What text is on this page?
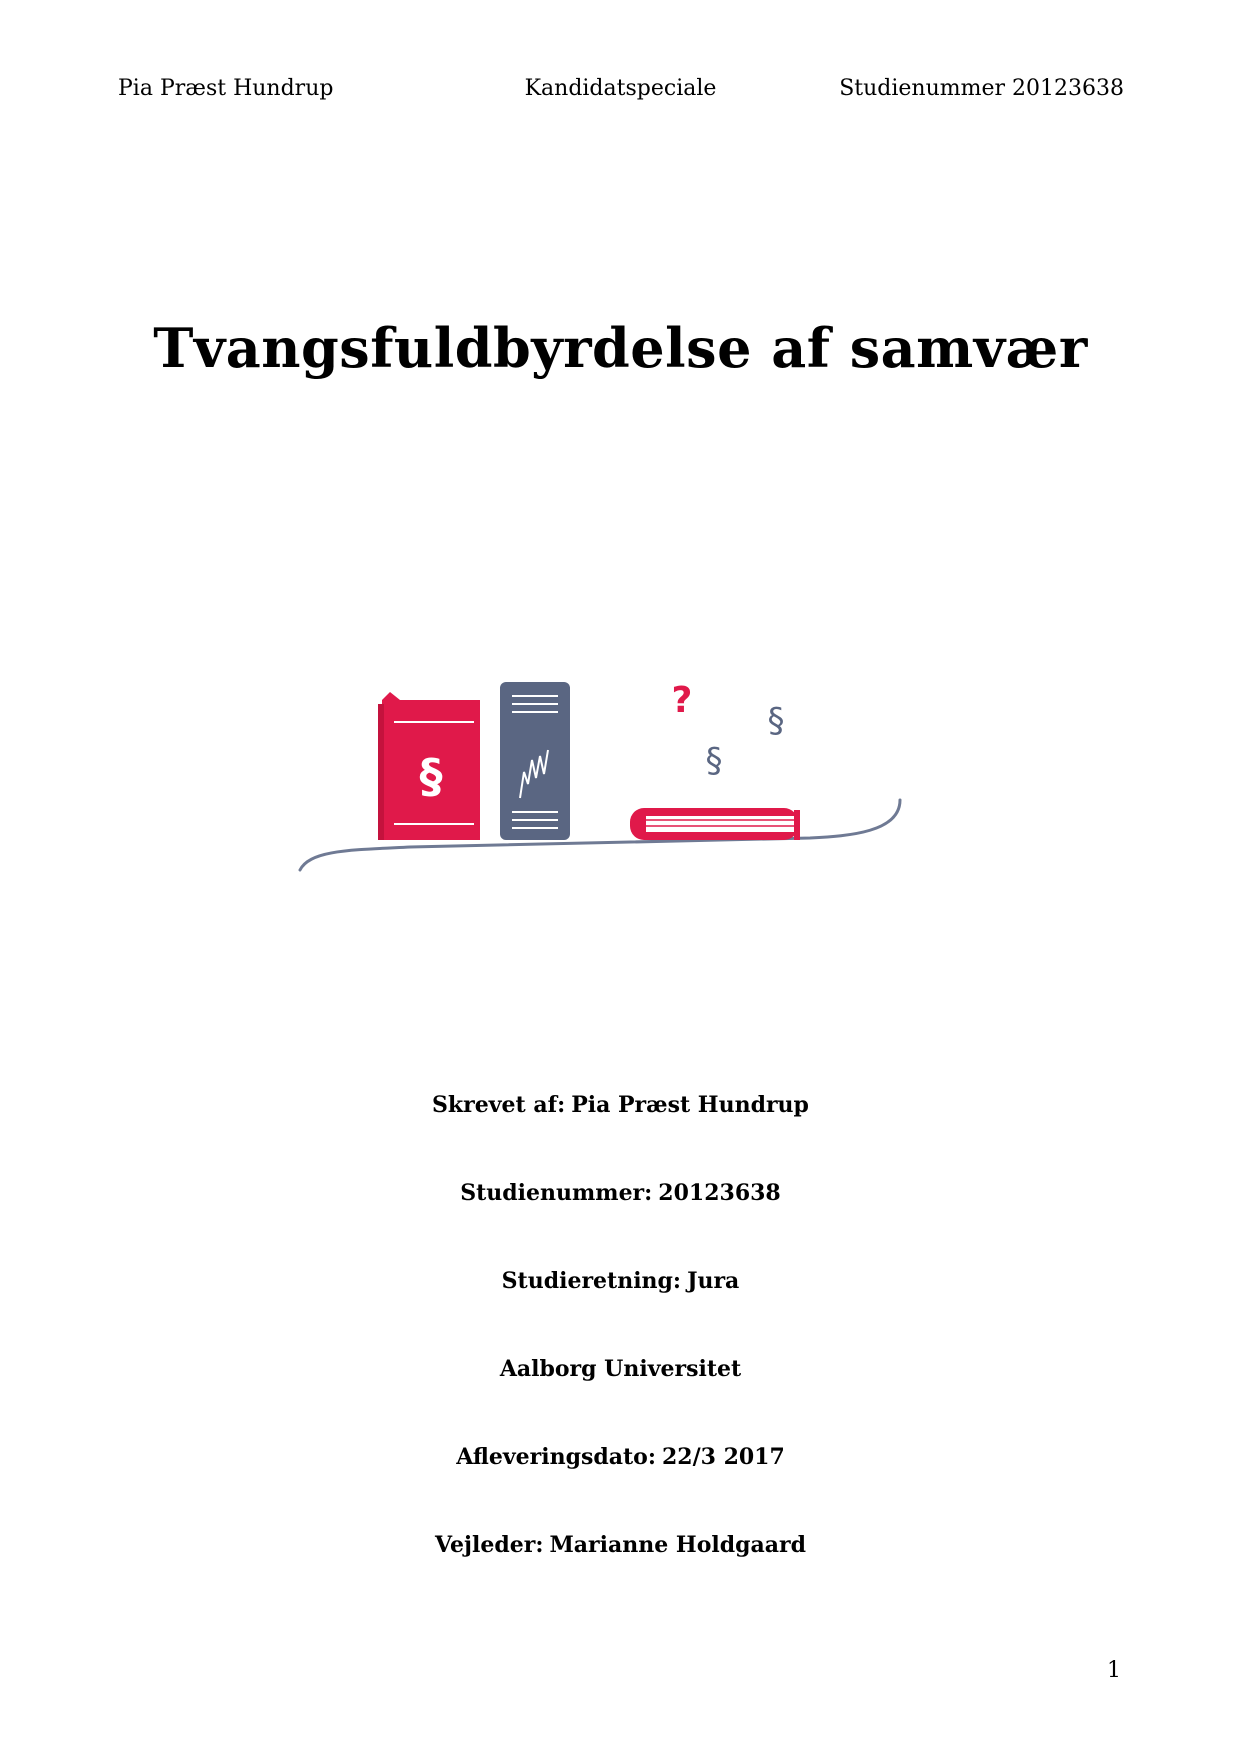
Pia Præst Hundrup	Kandidatspeciale	Studienummer 20123638
Tvangsfuldbyrdelse af samvær
§
? §
§

Skrevet af: Pia Præst Hundrup

Studienummer: 20123638

Studieretning: Jura

Aalborg Universitet

Afleveringsdato: 22/3 2017

Vejleder: Marianne Holdgaard

1
